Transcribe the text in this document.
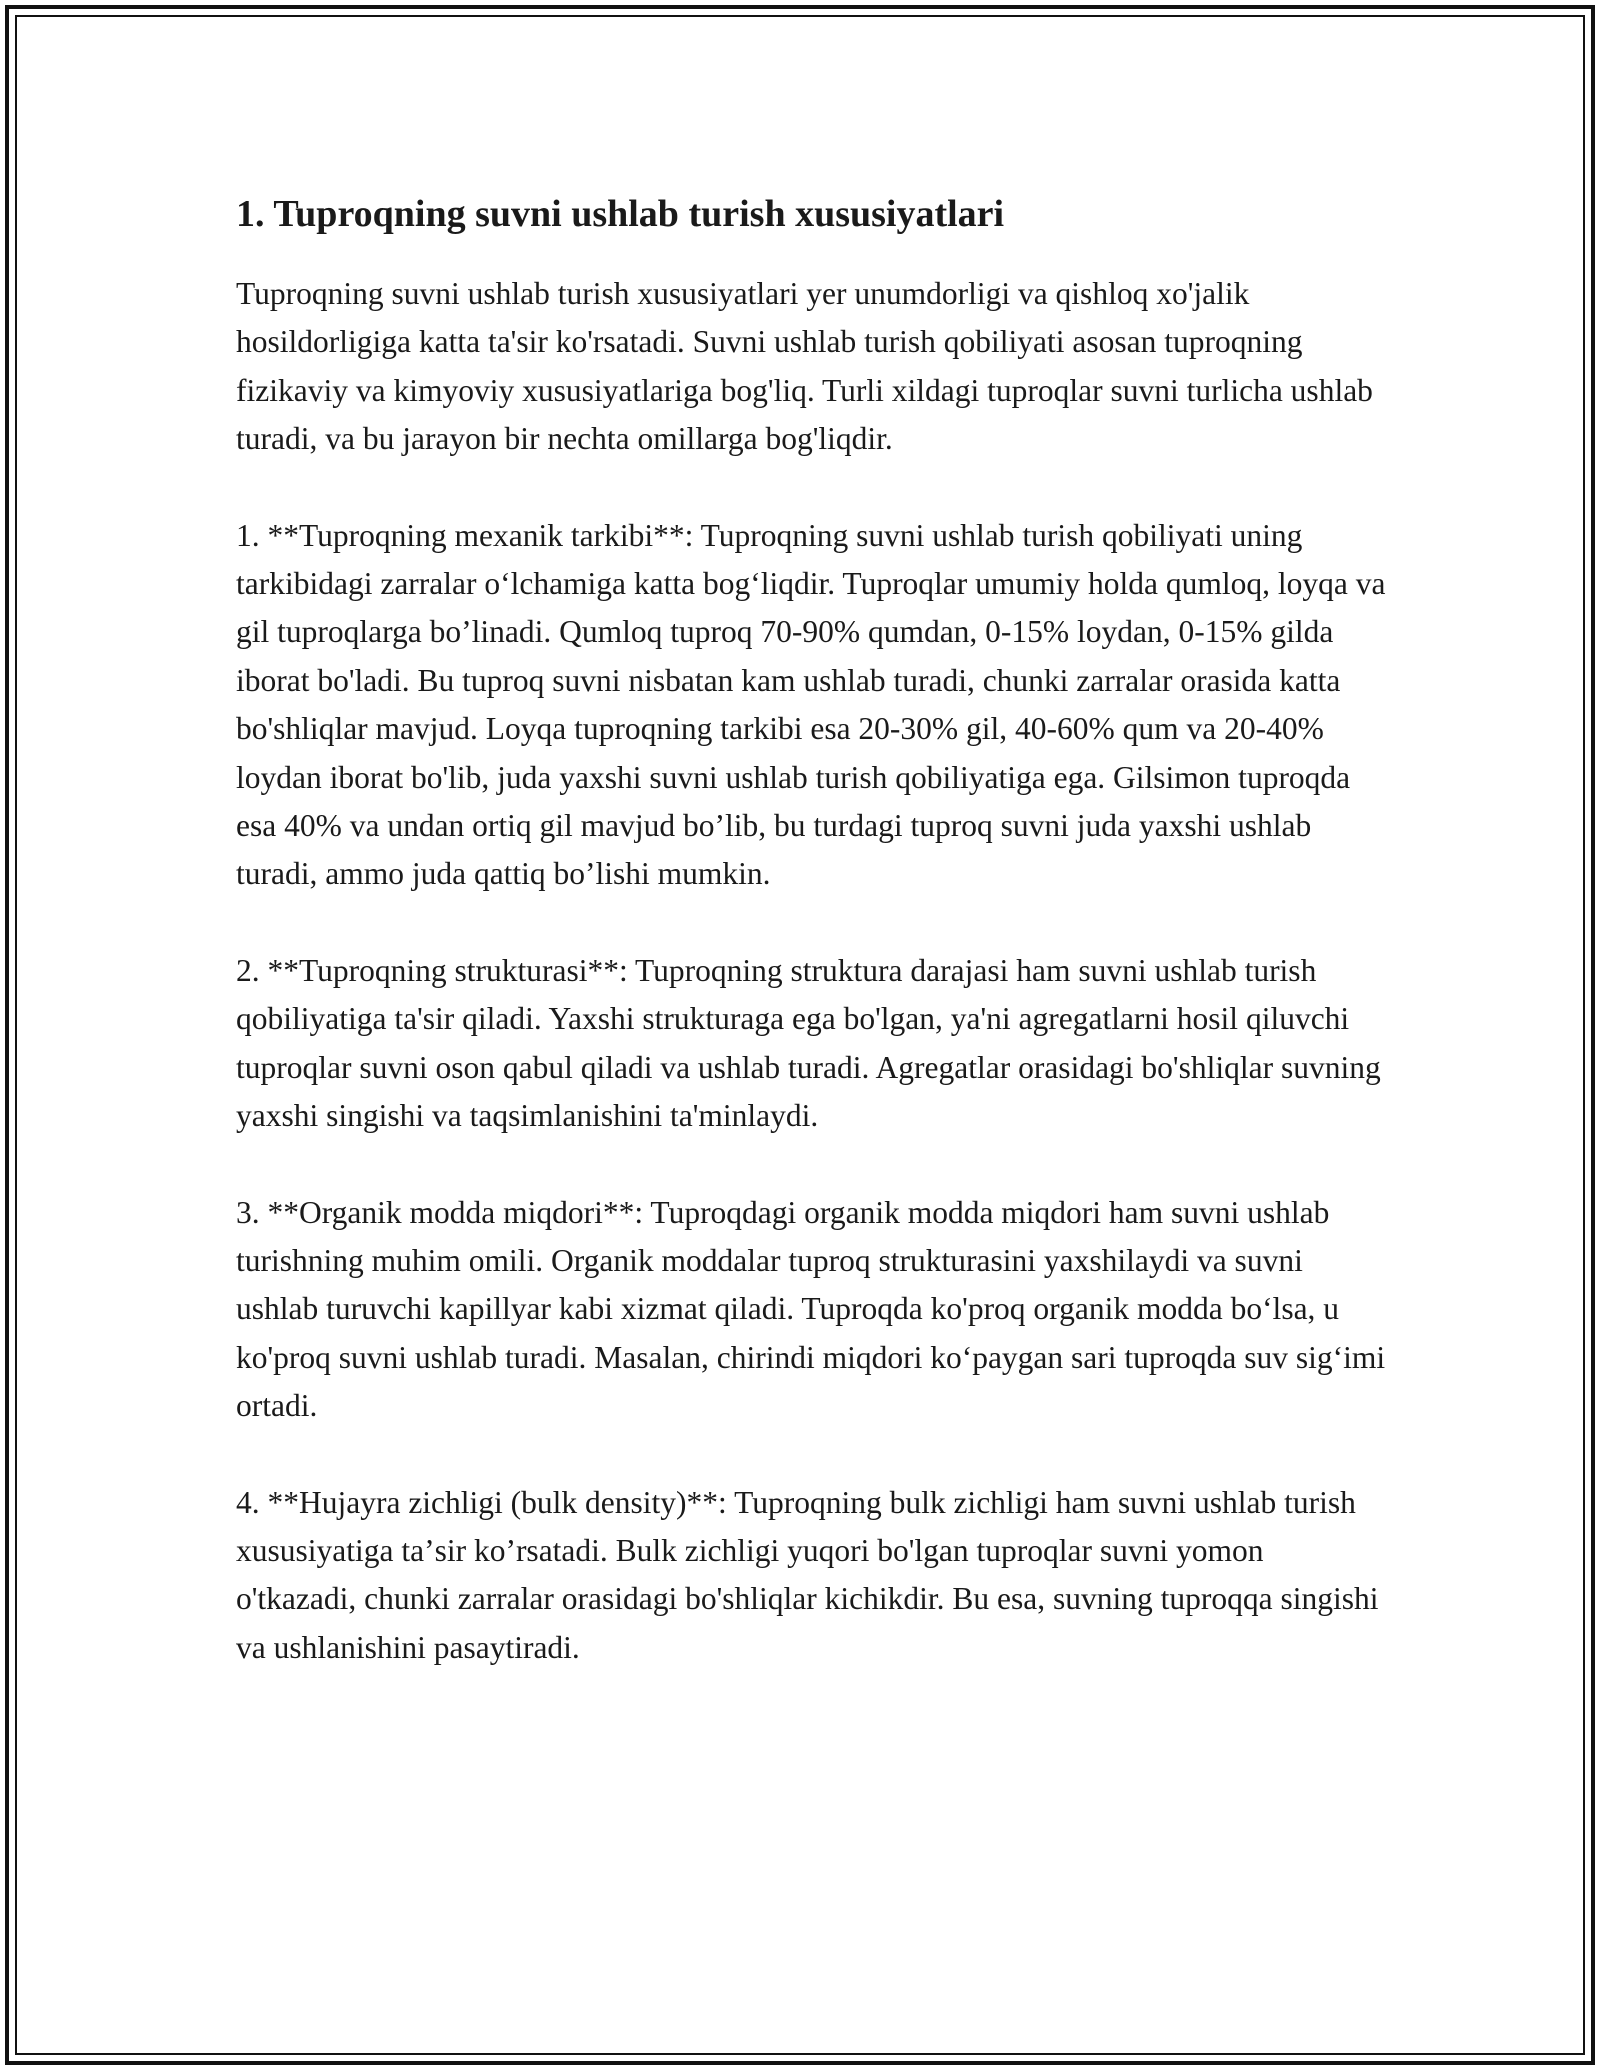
1. Tuproqning suvni ushlab turish xususiyatlari

Tuproqning suvni ushlab turish xususiyatlari yer unumdorligi va qishloq xo'jalik hosildorligiga katta ta'sir ko'rsatadi. Suvni ushlab turish qobiliyati asosan tuproqning fizikaviy va kimyoviy xususiyatlariga bog'liq. Turli xildagi tuproqlar suvni turlicha ushlab turadi, va bu jarayon bir nechta omillarga bog'liqdir.

1. **Tuproqning mexanik tarkibi**: Tuproqning suvni ushlab turish qobiliyati uning tarkibidagi zarralar oʻlchamiga katta bogʻliqdir. Tuproqlar umumiy holda qumloq, loyqa va gil tuproqlarga boʼlinadi. Qumloq tuproq 70-90% qumdan, 0-15% loydan, 0-15% gilda iborat bo'ladi. Bu tuproq suvni nisbatan kam ushlab turadi, chunki zarralar orasida katta bo'shliqlar mavjud. Loyqa tuproqning tarkibi esa 20-30% gil, 40-60% qum va 20-40% loydan iborat bo'lib, juda yaxshi suvni ushlab turish qobiliyatiga ega. Gilsimon tuproqda esa 40% va undan ortiq gil mavjud boʼlib, bu turdagi tuproq suvni juda yaxshi ushlab turadi, ammo juda qattiq boʼlishi mumkin.

2. **Tuproqning strukturasi**: Tuproqning struktura darajasi ham suvni ushlab turish qobiliyatiga ta'sir qiladi. Yaxshi strukturaga ega bo'lgan, ya'ni agregatlarni hosil qiluvchi tuproqlar suvni oson qabul qiladi va ushlab turadi. Agregatlar orasidagi bo'shliqlar suvning yaxshi singishi va taqsimlanishini ta'minlaydi.

3. **Organik modda miqdori**: Tuproqdagi organik modda miqdori ham suvni ushlab turishning muhim omili. Organik moddalar tuproq strukturasini yaxshilaydi va suvni ushlab turuvchi kapillyar kabi xizmat qiladi. Tuproqda ko'proq organik modda boʻlsa, u ko'proq suvni ushlab turadi. Masalan, chirindi miqdori koʻpaygan sari tuproqda suv sigʻimi ortadi.

4. **Hujayra zichligi (bulk density)**: Tuproqning bulk zichligi ham suvni ushlab turish xususiyatiga taʼsir koʼrsatadi. Bulk zichligi yuqori bo'lgan tuproqlar suvni yomon o'tkazadi, chunki zarralar orasidagi bo'shliqlar kichikdir. Bu esa, suvning tuproqqa singishi va ushlanishini pasaytiradi.
